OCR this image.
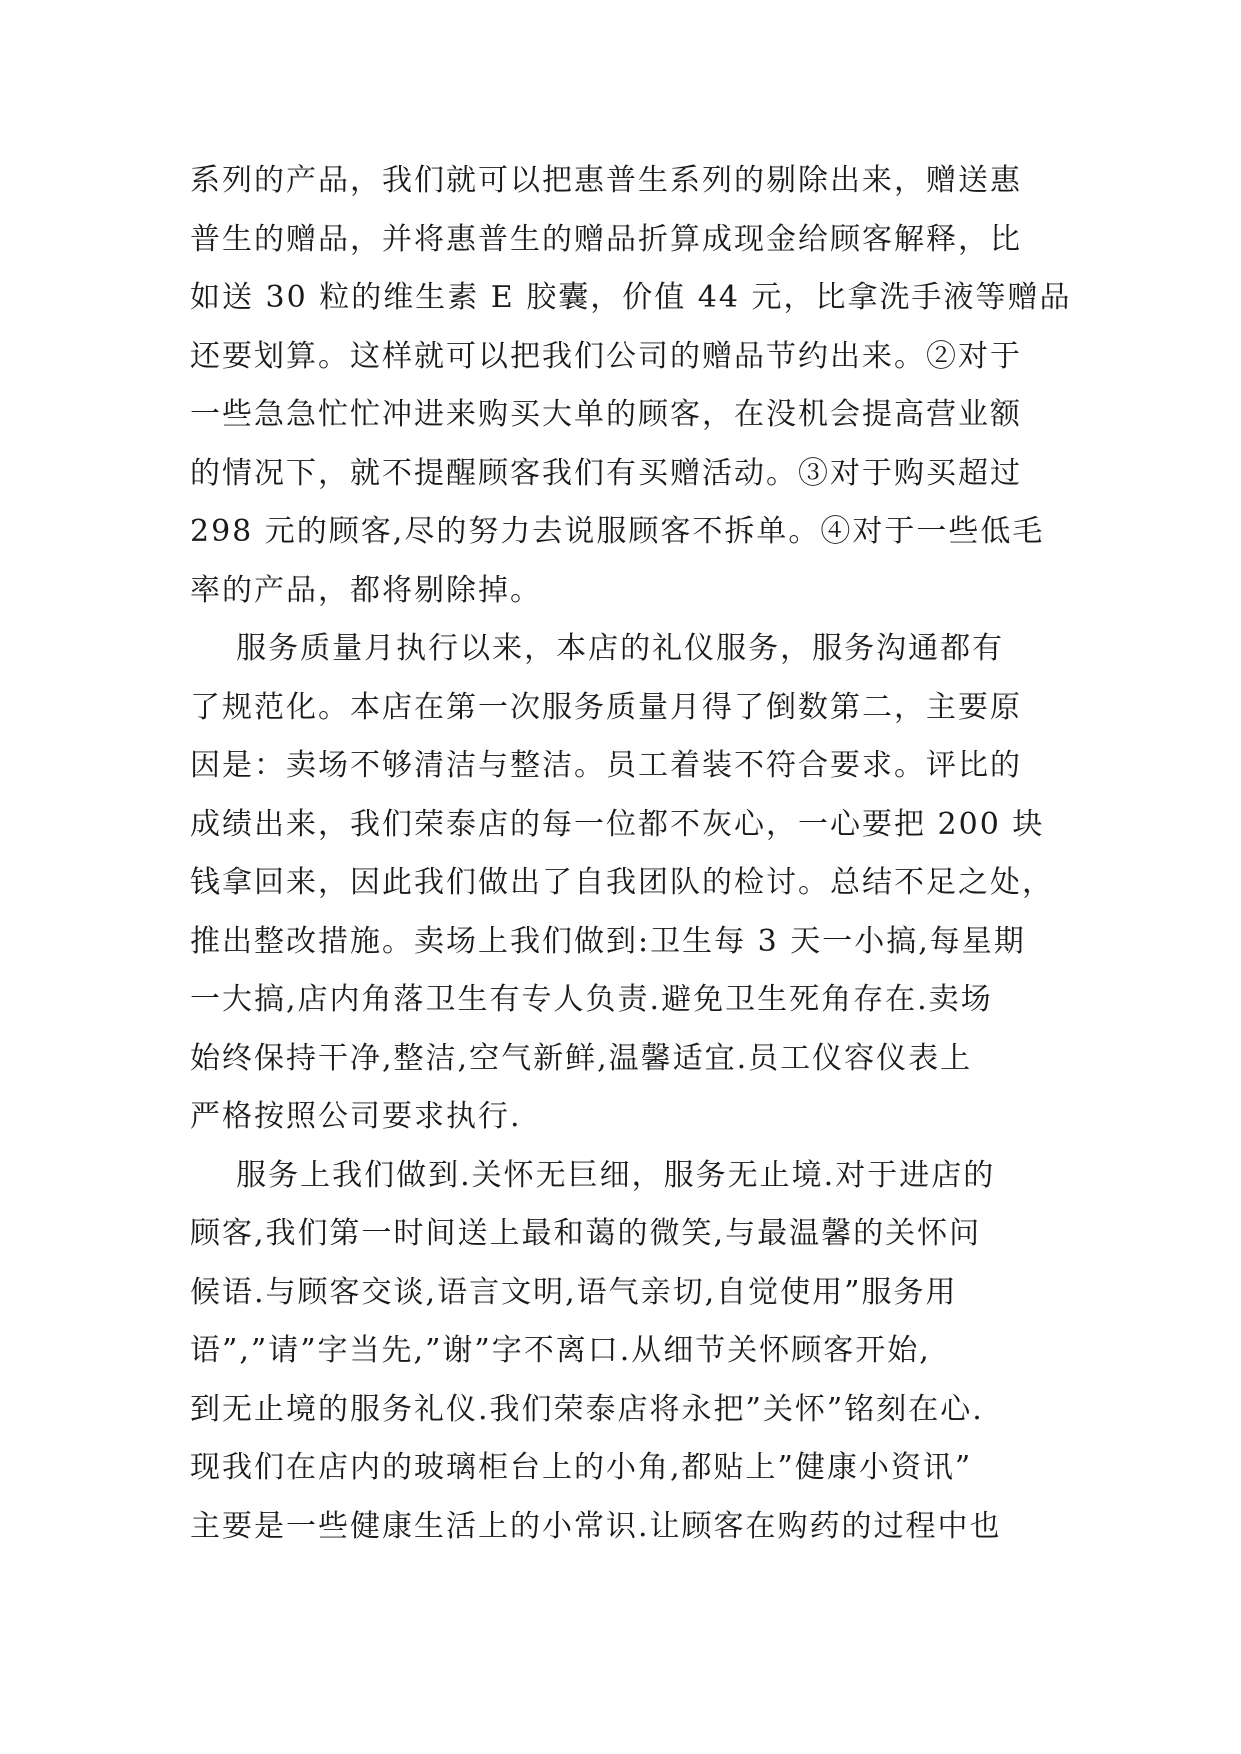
系列的产品，我们就可以把惠普生系列的剔除出来，赠送惠
普生的赠品，并将惠普生的赠品折算成现金给顾客解释，比
如送 30 粒的维生素 E 胶囊，价值 44 元，比拿洗手液等赠品
还要划算。这样就可以把我们公司的赠品节约出来。②对于
一些急急忙忙冲进来购买大单的顾客，在没机会提高营业额
的情况下，就不提醒顾客我们有买赠活动。③对于购买超过
298 元的顾客,尽的努力去说服顾客不拆单。④对于一些低毛
率的产品，都将剔除掉。
服务质量月执行以来，本店的礼仪服务，服务沟通都有
了规范化。本店在第一次服务质量月得了倒数第二，主要原
因是：卖场不够清洁与整洁。员工着装不符合要求。评比的
成绩出来，我们荣泰店的每一位都不灰心，一心要把 200 块
钱拿回来，因此我们做出了自我团队的检讨。总结不足之处，
推出整改措施。卖场上我们做到:卫生每 3 天一小搞,每星期
一大搞,店内角落卫生有专人负责.避免卫生死角存在.卖场
始终保持干净,整洁,空气新鲜,温馨适宜.员工仪容仪表上
严格按照公司要求执行.
服务上我们做到.关怀无巨细，服务无止境.对于进店的
顾客,我们第一时间送上最和蔼的微笑,与最温馨的关怀问
候语.与顾客交谈,语言文明,语气亲切,自觉使用”服务用
语”,”请”字当先,”谢”字不离口.从细节关怀顾客开始,
到无止境的服务礼仪.我们荣泰店将永把”关怀”铭刻在心.
现我们在店内的玻璃柜台上的小角,都贴上”健康小资讯”
主要是一些健康生活上的小常识.让顾客在购药的过程中也
